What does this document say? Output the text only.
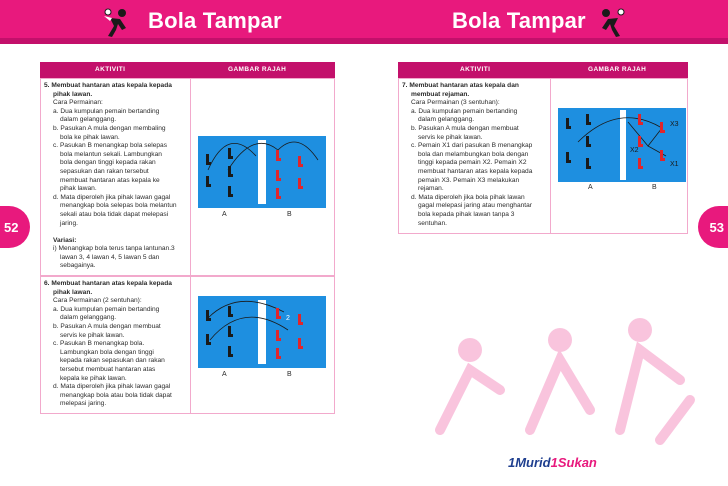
Bola Tampar	Bola Tampar
52	53
AKTIVITI	GAMBAR RAJAH
5. Membuat hantaran atas kepala kepada
pihak lawan.
Cara Permainan:
a. Dua kumpulan pemain bertanding
dalam gelanggang.
b. Pasukan A mula dengan membaling
bola ke pihak lawan.
c. Pasukan B menangkap bola selepas
bola melantun sekali. Lambungkan
bola dengan tinggi kepada rakan
sepasukan dan rakan tersebut
membuat hantaran atas kepala ke
pihak lawan.
d. Mata diperoleh jika pihak lawan gagal
menangkap bola selepas bola melantun
sekali atau bola tidak dapat melepasi
jaring.

Variasi:
i) Menangkap bola terus tanpa lantunan.3
lawan 3, 4 lawan 4, 5 lawan 5 dan
sebagainya.
6. Membuat hantaran atas kepala kepada
pihak lawan.
Cara Permainan (2 sentuhan):
a. Dua kumpulan pemain bertanding
dalam gelanggang.
b. Pasukan A mula dengan membuat
servis ke pihak lawan.
c. Pasukan B menangkap bola.
Lambungkan bola dengan tinggi
kepada rakan sepasukan dan rakan
tersebut membuat hantaran atas
kepala ke pihak lawan.
d. Mata diperoleh jika pihak lawan gagal
menangkap bola atau bola tidak dapat
melepasi jaring.
A	B
2
A	B
AKTIVITI	GAMBAR RAJAH
7. Membuat hantaran atas kepala dan
membuat rejaman.
Cara Permainan (3 sentuhan):
a. Dua kumpulan pemain bertanding
dalam gelanggang.
b. Pasukan A mula dengan membuat
servis ke pihak lawan.
c. Pemain X1 dari pasukan B menangkap
bola dan melambungkan bola dengan
tinggi kepada pemain X2. Pemain X2
membuat hantaran atas kepala kepada
pemain X3. Pemain X3 melakukan
rejaman.
d. Mata diperoleh jika bola pihak lawan
gagal melepasi jaring atau menghantar
bola kepada pihak lawan tanpa 3
sentuhan.
X3
X2
X1
A	B
1Murid1Sukan
